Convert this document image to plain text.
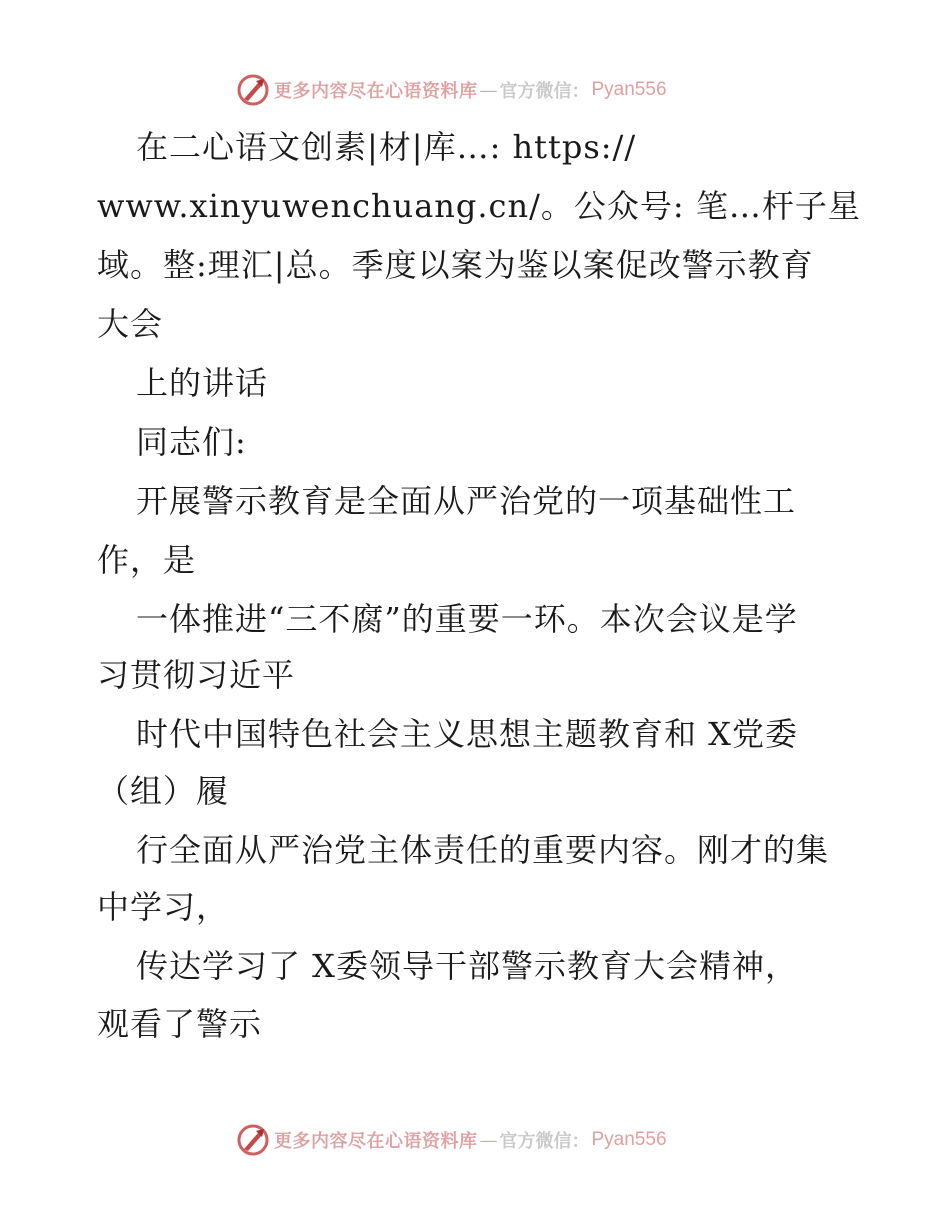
更多内容尽在心语资料库 — 官方微信： Pyan556
在二心语文创素|材|库…: https://
www.xinyuwenchuang.cn/。公众号: 笔…杆子星
域。整:理汇|总。季度以案为鉴以案促改警示教育
大会
上的讲话
同志们:
开展警示教育是全面从严治党的一项基础性工
作，是
一体推进“三不腐”的重要一环。本次会议是学
习贯彻习近平
时代中国特色社会主义思想主题教育和 X党委
（组）履
行全面从严治党主体责任的重要内容。刚才的集
中学习，
传达学习了 X委领导干部警示教育大会精神，
观看了警示
更多内容尽在心语资料库 — 官方微信： Pyan556
